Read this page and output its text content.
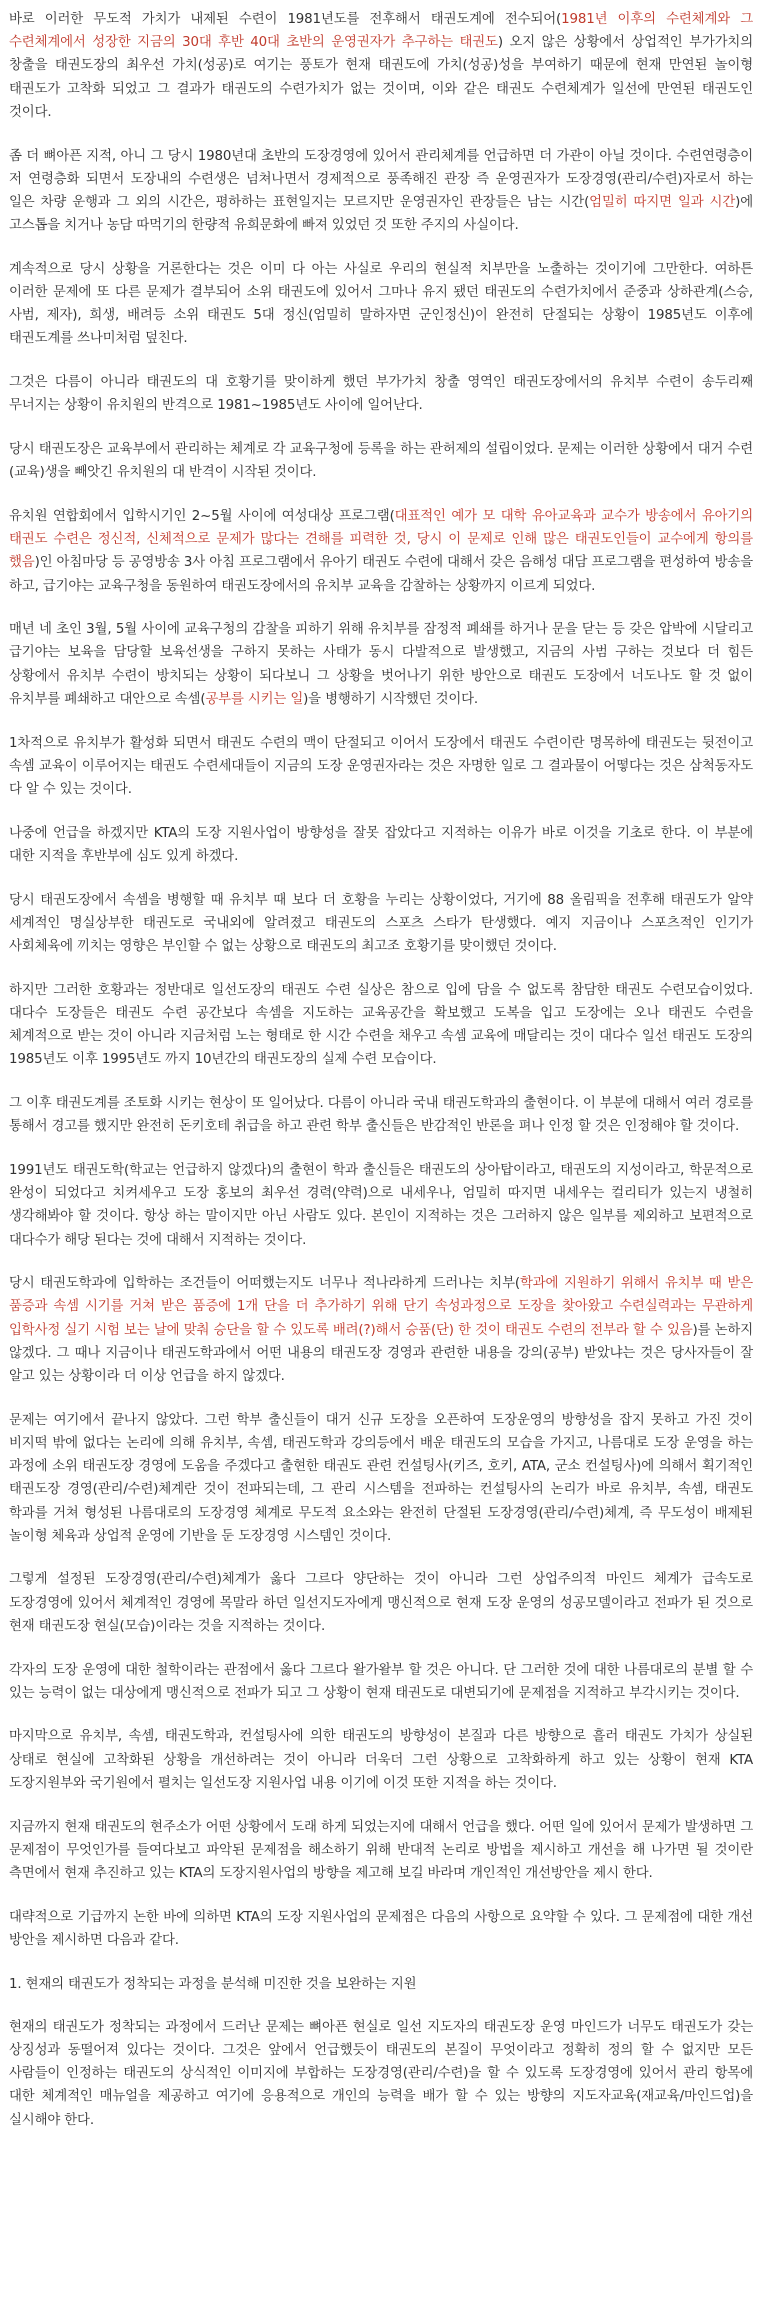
바로 이러한 무도적 가치가 내제된 수련이 1981년도를 전후해서 태권도계에 전수되어(1981년 이후의 수련체계와 그 수련체계에서 성장한 지금의 30대 후반 40대 초반의 운영권자가 추구하는 태권도) 오지 않은 상황에서 상업적인 부가가치의 창출을 태권도장의 최우선 가치(성공)로 여기는 풍토가 현재 태권도에 가치(성공)성을 부여하기 때문에 현재 만연된 놀이형 태권도가 고착화 되었고 그 결과가 태권도의 수련가치가 없는 것이며, 이와 같은 태권도 수련체계가 일선에 만연된 태권도인 것이다.

좀 더 뼈아픈 지적, 아니 그 당시 1980년대 초반의 도장경영에 있어서 관리체계를 언급하면 더 가관이 아닐 것이다. 수련연령층이 저 연령층화 되면서 도장내의 수련생은 넘쳐나면서 경제적으로 풍족해진 관장 즉 운영권자가 도장경영(관리/수련)자로서 하는 일은 차량 운행과 그 외의 시간은, 평하하는 표현일지는 모르지만 운영권자인 관장들은 남는 시간(엄밀히 따지면 일과 시간)에 고스톱을 치거나 농담 따먹기의 한량적 유희문화에 빠져 있었던 것 또한 주지의 사실이다.

계속적으로 당시 상황을 거론한다는 것은 이미 다 아는 사실로 우리의 현실적 치부만을 노출하는 것이기에 그만한다. 여하튼 이러한 문제에 또 다른 문제가 결부되어 소위 태권도에 있어서 그마나 유지 됐던 태권도의 수련가치에서 준중과 상하관계(스승, 사범, 제자), 희생, 배려등 소위 태권도 5대 정신(엄밀히 말하자면 군인정신)이 완전히 단절되는 상황이 1985년도 이후에 태권도계를 쓰나미처럼 덮친다.

그것은 다름이 아니라 태권도의 대 호황기를 맞이하게 했던 부가가치 창출 영역인 태권도장에서의 유치부 수련이 송두리째 무너지는 상황이 유치원의 반격으로 1981~1985년도 사이에 일어난다.

당시 태권도장은 교육부에서 관리하는 체계로 각 교육구청에 등록을 하는 관허제의 설립이었다. 문제는 이러한 상황에서 대거 수련(교육)생을 빼앗긴 유치원의 대 반격이 시작된 것이다.

유치원 연합회에서 입학시기인 2~5월 사이에 여성대상 프로그램(대표적인 예가 모 대학 유아교육과 교수가 방송에서 유아기의 태권도 수련은 정신적, 신체적으로 문제가 많다는 견해를 피력한 것, 당시 이 문제로 인해 많은 태권도인들이 교수에게 항의를 했음)인 아침마당 등 공영방송 3사 아침 프로그램에서 유아기 태권도 수련에 대해서 갖은 음해성 대담 프로그램을 편성하여 방송을 하고, 급기야는 교육구청을 동원하여 태권도장에서의 유치부 교육을 감찰하는 상황까지 이르게 되었다.

매년 네 초인 3월, 5월 사이에 교육구청의 감찰을 피하기 위해 유치부를 잠정적 폐쇄를 하거나 문을 닫는 등 갖은 압박에 시달리고 급기야는 보육을 담당할 보육선생을 구하지 못하는 사태가 동시 다발적으로 발생했고, 지금의 사범 구하는 것보다 더 힘든 상황에서 유치부 수련이 방치되는 상황이 되다보니 그 상황을 벗어나기 위한 방안으로 태권도 도장에서 너도나도 할 것 없이 유치부를 폐쇄하고 대안으로 속셈(공부를 시키는 일)을 병행하기 시작했던 것이다.

1차적으로 유치부가 활성화 되면서 태권도 수련의 맥이 단절되고 이어서 도장에서 태권도 수련이란 명목하에 태권도는 뒷전이고 속셈 교육이 이루어지는 태권도 수련세대들이 지금의 도장 운영권자라는 것은 자명한 일로 그 결과물이 어떻다는 것은 삼척동자도 다 알 수 있는 것이다.

나중에 언급을 하겠지만 KTA의 도장 지원사업이 방향성을 잘못 잡았다고 지적하는 이유가 바로 이것을 기초로 한다. 이 부분에 대한 지적을 후반부에 심도 있게 하겠다.

당시 태권도장에서 속셈을 병행할 때 유치부 때 보다 더 호황을 누리는 상황이었다, 거기에 88 올림픽을 전후해 태권도가 알약 세계적인 명실상부한 태권도로 국내외에 알려졌고 태권도의 스포츠 스타가 탄생했다. 예지 지금이나 스포츠적인 인기가 사회체육에 끼치는 영향은 부인할 수 없는 상황으로 태권도의 최고조 호황기를 맞이했던 것이다.

하지만 그러한 호황과는 정반대로 일선도장의 태권도 수련 실상은 참으로 입에 담을 수 없도록 참담한 태권도 수련모습이었다. 대다수 도장들은 태권도 수련 공간보다 속셈을 지도하는 교육공간을 확보했고 도복을 입고 도장에는 오나 태권도 수련을 체계적으로 받는 것이 아니라 지금처럼 노는 형태로 한 시간 수련을 채우고 속셈 교육에 매달리는 것이 대다수 일선 태권도 도장의 1985년도 이후 1995년도 까지 10년간의 태권도장의 실제 수련 모습이다.

그 이후 태권도계를 조토화 시키는 현상이 또 일어났다. 다름이 아니라 국내 태권도학과의 출현이다. 이 부분에 대해서 여러 경로를 통해서 경고를 했지만 완전히 돈키호테 취급을 하고 관련 학부 출신들은 반감적인 반론을 펴나 인정 할 것은 인정해야 할 것이다.

1991년도 태권도학(학교는 언급하지 않겠다)의 출현이 학과 출신들은 태권도의 상아탑이라고, 태권도의 지성이라고, 학문적으로 완성이 되었다고 치켜세우고 도장 홍보의 최우선 경력(약력)으로 내세우나, 엄밀히 따지면 내세우는 컬리티가 있는지 냉철히 생각해봐야 할 것이다. 항상 하는 말이지만 아닌 사람도 있다. 본인이 지적하는 것은 그러하지 않은 일부를 제외하고 보편적으로 대다수가 해당 된다는 것에 대해서 지적하는 것이다.

당시 태권도학과에 입학하는 조건들이 어떠했는지도 너무나 적나라하게 드러나는 치부(학과에 지원하기 위해서 유치부 때 받은 품증과 속셈 시기를 거쳐 받은 품증에 1개 단을 더 추가하기 위해 단기 속성과정으로 도장을 찾아왔고 수련실력과는 무관하게 입학사정 실기 시험 보는 날에 맞춰 승단을 할 수 있도록 배려(?)해서 승품(단) 한 것이 태권도 수련의 전부라 할 수 있음)를 논하지 않겠다. 그 때나 지금이나 태권도학과에서 어떤 내용의 태권도장 경영과 관련한 내용을 강의(공부) 받았냐는 것은 당사자들이 잘 알고 있는 상황이라 더 이상 언급을 하지 않겠다.

문제는 여기에서 끝나지 않았다. 그런 학부 출신들이 대거 신규 도장을 오픈하여 도장운영의 방향성을 잡지 못하고 가진 것이 비지떡 밖에 없다는 논리에 의해 유치부, 속셈, 태권도학과 강의등에서 배운 태권도의 모습을 가지고, 나름대로 도장 운영을 하는 과정에 소위 태권도장 경영에 도움을 주겠다고 출현한 태권도 관련 컨설팅사(키즈, 호키, ATA, 군소 컨설팅사)에 의해서 획기적인 태권도장 경영(관리/수련)체계란 것이 전파되는데, 그 관리 시스템을 전파하는 컨설팅사의 논리가 바로 유치부, 속셈, 태권도 학과를 거쳐 형성된 나름대로의 도장경영 체계로 무도적 요소와는 완전히 단절된 도장경영(관리/수련)체계, 즉 무도성이 배제된 놀이형 체육과 상업적 운영에 기반을 둔 도장경영 시스템인 것이다.

그렇게 설정된 도장경영(관리/수련)체계가 옳다 그르다 양단하는 것이 아니라 그런 상업주의적 마인드 체계가 급속도로 도장경영에 있어서 체계적인 경영에 목말라 하던 일선지도자에게 맹신적으로 현재 도장 운영의 성공모델이라고 전파가 된 것으로 현재 태권도장 현실(모습)이라는 것을 지적하는 것이다.

각자의 도장 운영에 대한 철학이라는 관점에서 옳다 그르다 왈가왈부 할 것은 아니다. 단 그러한 것에 대한 나름대로의 분별 할 수 있는 능력이 없는 대상에게 맹신적으로 전파가 되고 그 상황이 현재 태권도로 대변되기에 문제점을 지적하고 부각시키는 것이다.

마지막으로 유치부, 속셈, 태권도학과, 컨설팅사에 의한 태권도의 방향성이 본질과 다른 방향으로 흘러 태권도 가치가 상실된 상태로 현실에 고착화된 상황을 개선하려는 것이 아니라 더욱더 그런 상황으로 고착화하게 하고 있는 상황이 현재 KTA 도장지원부와 국기원에서 펼치는 일선도장 지원사업 내용 이기에 이것 또한 지적을 하는 것이다.

지금까지 현재 태권도의 현주소가 어떤 상황에서 도래 하게 되었는지에 대해서 언급을 했다. 어떤 일에 있어서 문제가 발생하면 그 문제점이 무엇인가를 들여다보고 파악된 문제점을 해소하기 위해 반대적 논리로 방법을 제시하고 개선을 해 나가면 될 것이란 측면에서 현재 추진하고 있는 KTA의 도장지원사업의 방향을 제고해 보길 바라며 개인적인 개선방안을 제시 한다.

대략적으로 기급까지 논한 바에 의하면 KTA의 도장 지원사업의 문제점은 다음의 사항으로 요약할 수 있다. 그 문제점에 대한 개선 방안을 제시하면 다음과 같다.

1. 현재의 태권도가 정착되는 과정을 분석해 미진한 것을 보완하는 지원

현재의 태권도가 정착되는 과정에서 드러난 문제는 뼈아픈 현실로 일선 지도자의 태권도장 운영 마인드가 너무도 태권도가 갖는 상징성과 동떨어져 있다는 것이다. 그것은 앞에서 언급했듯이 태권도의 본질이 무엇이라고 정확히 정의 할 수 없지만 모든 사람들이 인정하는 태권도의 상식적인 이미지에 부합하는 도장경영(관리/수련)을 할 수 있도록 도장경영에 있어서 관리 항목에 대한 체계적인 매뉴얼을 제공하고 여기에 응용적으로 개인의 능력을 배가 할 수 있는 방향의 지도자교육(재교육/마인드업)을 실시해야 한다.
